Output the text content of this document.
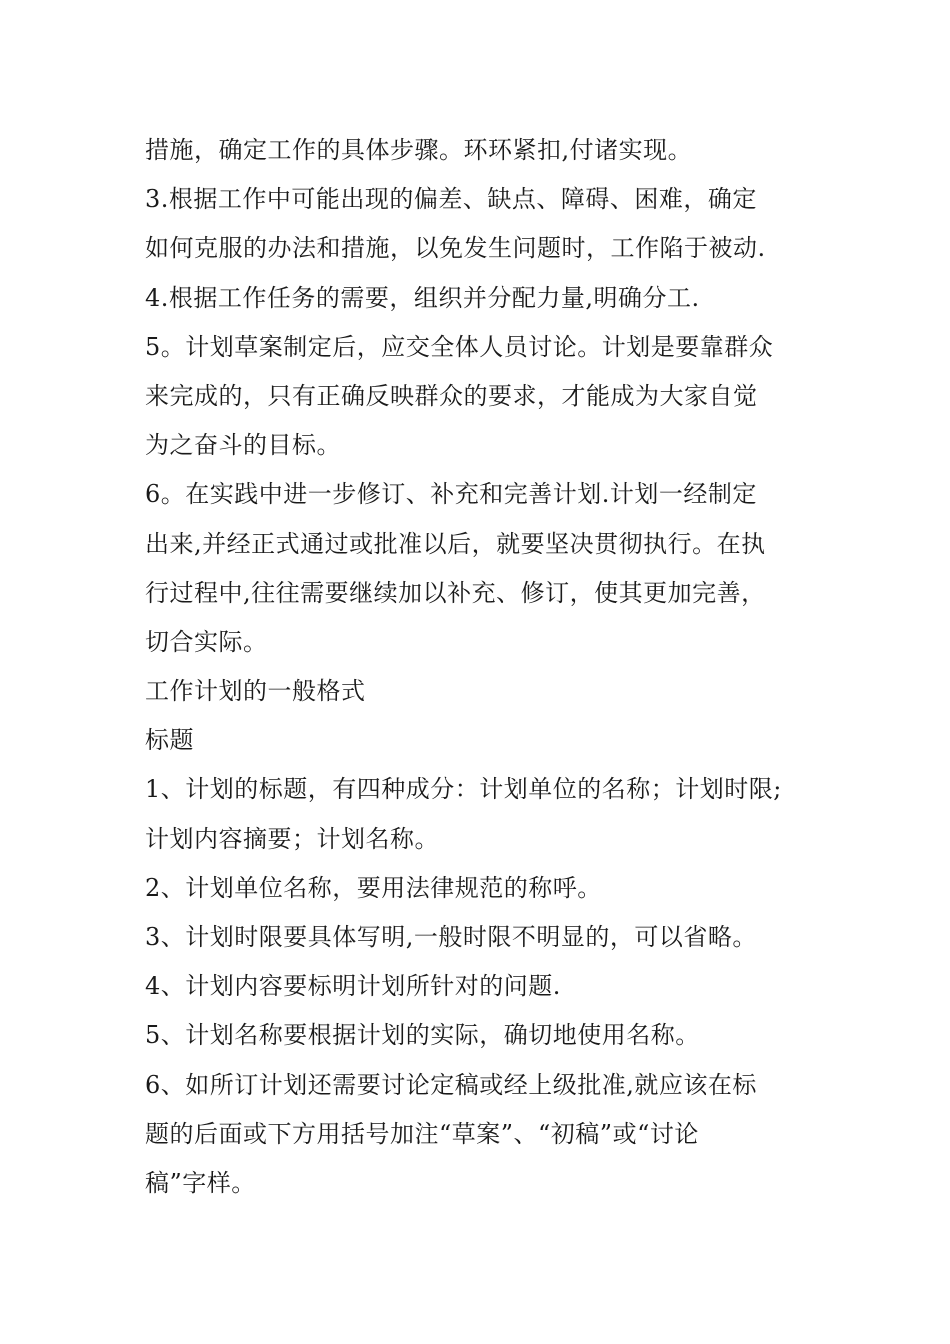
措施，确定工作的具体步骤。环环紧扣,付诸实现。
3.根据工作中可能出现的偏差、缺点、障碍、困难，确定
如何克服的办法和措施，以免发生问题时，工作陷于被动.
4.根据工作任务的需要，组织并分配力量,明确分工.
5。计划草案制定后，应交全体人员讨论。计划是要靠群众
来完成的，只有正确反映群众的要求，才能成为大家自觉
为之奋斗的目标。
6。在实践中进一步修订、补充和完善计划.计划一经制定
出来,并经正式通过或批准以后，就要坚决贯彻执行。在执
行过程中,往往需要继续加以补充、修订，使其更加完善，
切合实际。
工作计划的一般格式
标题
1、计划的标题，有四种成分：计划单位的名称；计划时限;
计划内容摘要；计划名称。
2、计划单位名称，要用法律规范的称呼。
3、计划时限要具体写明,一般时限不明显的，可以省略。
4、计划内容要标明计划所针对的问题.
5、计划名称要根据计划的实际，确切地使用名称。
6、如所订计划还需要讨论定稿或经上级批准,就应该在标
题的后面或下方用括号加注“草案”、“初稿”或“讨论
稿”字样。
